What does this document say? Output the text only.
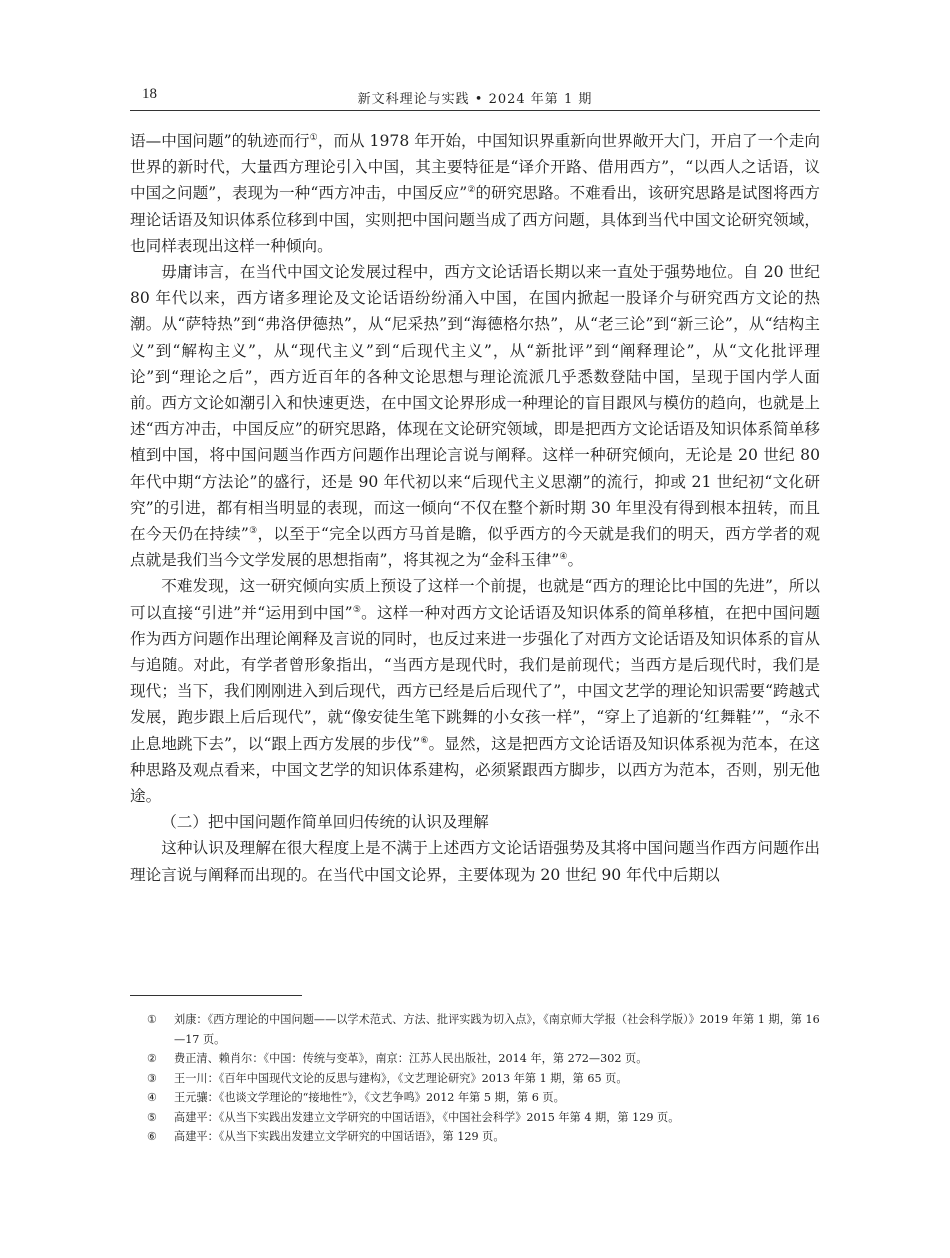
18	新文科理论与实践 • 2024 年第 1 期

语—中国问题”的轨迹而行①，而从 1978 年开始，中国知识界重新向世界敞开大门，开启了一个走向世界的新时代，大量西方理论引入中国，其主要特征是“译介开路、借用西方”，“以西人之话语，议中国之问题”，表现为一种“西方冲击，中国反应”②的研究思路。不难看出，该研究思路是试图将西方理论话语及知识体系位移到中国，实则把中国问题当成了西方问题，具体到当代中国文论研究领域，也同样表现出这样一种倾向。

毋庸讳言，在当代中国文论发展过程中，西方文论话语长期以来一直处于强势地位。自 20 世纪 80 年代以来，西方诸多理论及文论话语纷纷涌入中国，在国内掀起一股译介与研究西方文论的热潮。从“萨特热”到“弗洛伊德热”，从“尼采热”到“海德格尔热”，从“老三论”到“新三论”，从“结构主义”到“解构主义”，从“现代主义”到“后现代主义”，从“新批评”到“阐释理论”，从“文化批评理论”到“理论之后”，西方近百年的各种文论思想与理论流派几乎悉数登陆中国，呈现于国内学人面前。西方文论如潮引入和快速更迭，在中国文论界形成一种理论的盲目跟风与模仿的趋向，也就是上述“西方冲击，中国反应”的研究思路，体现在文论研究领域，即是把西方文论话语及知识体系简单移植到中国，将中国问题当作西方问题作出理论言说与阐释。这样一种研究倾向，无论是 20 世纪 80 年代中期“方法论”的盛行，还是 90 年代初以来“后现代主义思潮”的流行，抑或 21 世纪初“文化研究”的引进，都有相当明显的表现，而这一倾向“不仅在整个新时期 30 年里没有得到根本扭转，而且在今天仍在持续”③，以至于“完全以西方马首是瞻，似乎西方的今天就是我们的明天，西方学者的观点就是我们当今文学发展的思想指南”，将其视之为“金科玉律”④。

不难发现，这一研究倾向实质上预设了这样一个前提，也就是“西方的理论比中国的先进”，所以可以直接“引进”并“运用到中国”⑤。这样一种对西方文论话语及知识体系的简单移植，在把中国问题作为西方问题作出理论阐释及言说的同时，也反过来进一步强化了对西方文论话语及知识体系的盲从与追随。对此，有学者曾形象指出，“当西方是现代时，我们是前现代；当西方是后现代时，我们是现代；当下，我们刚刚进入到后现代，西方已经是后后现代了”，中国文艺学的理论知识需要“跨越式发展，跑步跟上后后现代”，就“像安徒生笔下跳舞的小女孩一样”，“穿上了追新的‘红舞鞋’”，“永不止息地跳下去”，以“跟上西方发展的步伐”⑥。显然，这是把西方文论话语及知识体系视为范本，在这种思路及观点看来，中国文艺学的知识体系建构，必须紧跟西方脚步，以西方为范本，否则，别无他途。

（二）把中国问题作简单回归传统的认识及理解

这种认识及理解在很大程度上是不满于上述西方文论话语强势及其将中国问题当作西方问题作出理论言说与阐释而出现的。在当代中国文论界，主要体现为 20 世纪 90 年代中后期以

①	刘康：《西方理论的中国问题——以学术范式、方法、批评实践为切入点》，《南京师大学报（社会科学版）》2019 年第 1 期，第 16—17 页。
②	费正清、赖肖尔：《中国：传统与变革》，南京：江苏人民出版社，2014 年，第 272—302 页。
③	王一川：《百年中国现代文论的反思与建构》，《文艺理论研究》2013 年第 1 期，第 65 页。
④	王元骧：《也谈文学理论的“接地性”》，《文艺争鸣》2012 年第 5 期，第 6 页。
⑤	高建平：《从当下实践出发建立文学研究的中国话语》，《中国社会科学》2015 年第 4 期，第 129 页。
⑥	高建平：《从当下实践出发建立文学研究的中国话语》，第 129 页。
